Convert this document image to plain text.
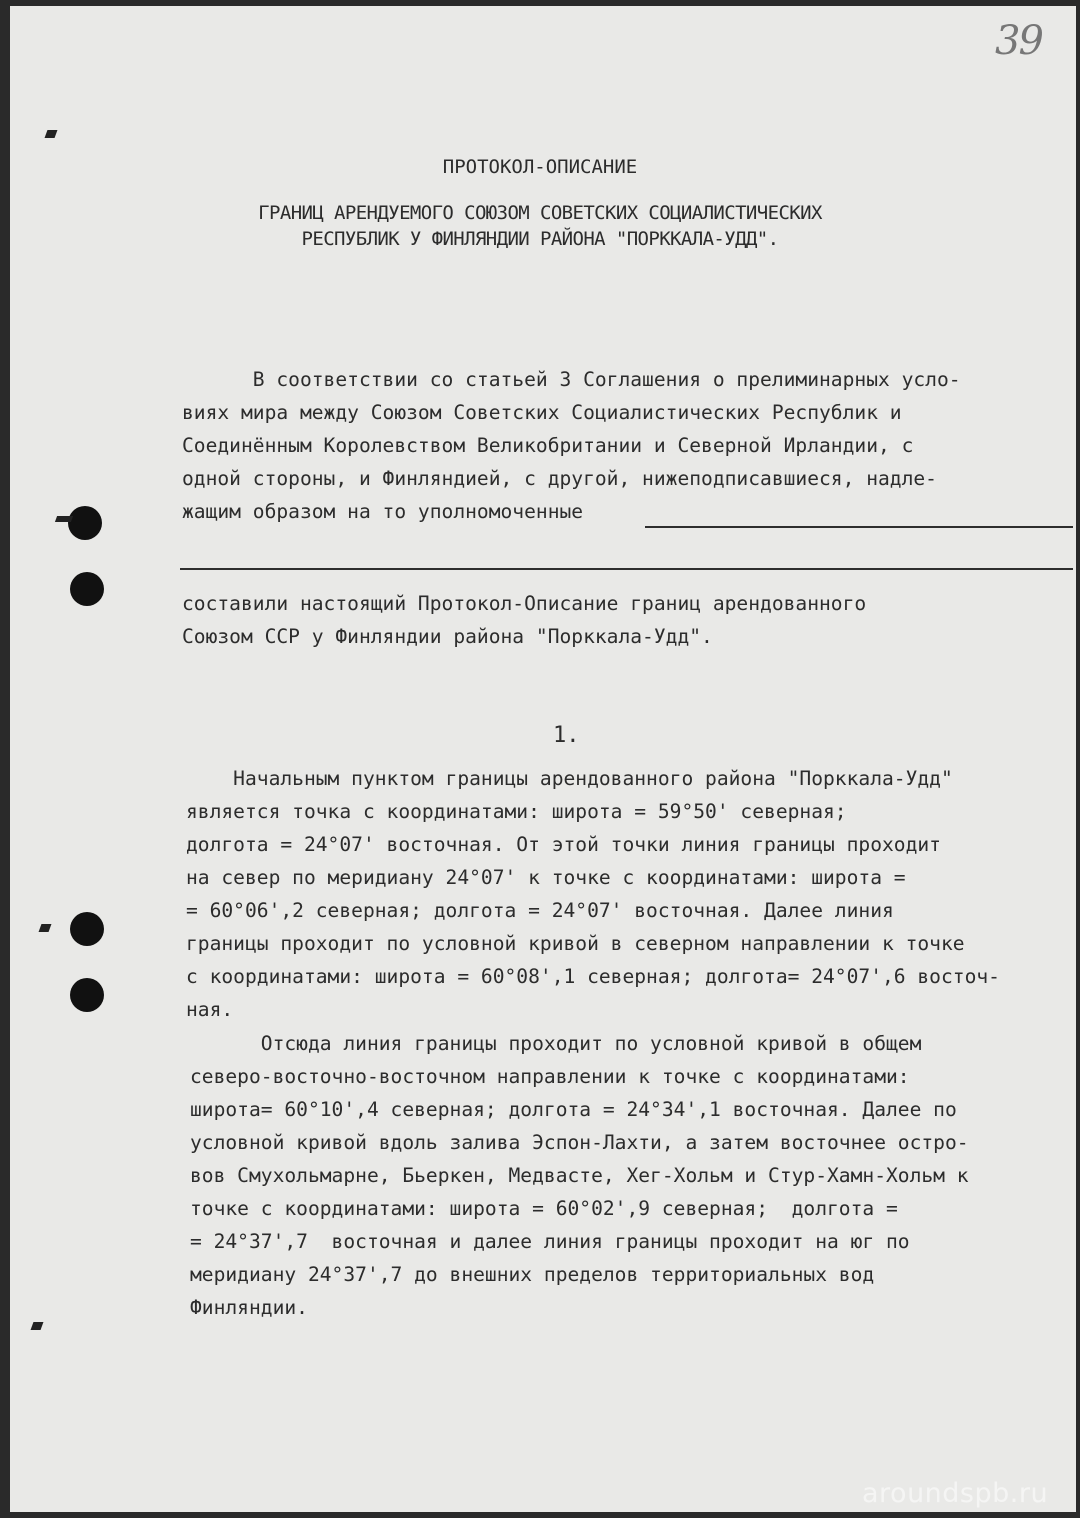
39
ПРОТОКОЛ-ОПИСАНИЕ
ГРАНИЦ АРЕНДУЕМОГО СОЮЗОМ СОВЕТСКИХ СОЦИАЛИСТИЧЕСКИХ
РЕСПУБЛИК У ФИНЛЯНДИИ РАЙОНА "ПОРККАЛА-УДД".
В соответствии со статьей 3 Соглашения о прелиминарных усло-
виях мира между Союзом Советских Социалистических Республик и
Соединённым Королевством Великобритании и Северной Ирландии, с
одной стороны, и Финляндией, с другой, нижеподписавшиеся, надле-
жащим образом на то уполномоченные
составили настоящий Протокол-Описание границ арендованного
Союзом ССР у Финляндии района "Порккала-Удд".
1.
Начальным пунктом границы арендованного района "Порккала-Удд"
является точка с координатами: широта = 59°50' северная;
долгота = 24°07' восточная. От этой точки линия границы проходит
на север по меридиану 24°07' к точке с координатами: широта =
= 60°06',2 северная; долгота = 24°07' восточная. Далее линия
границы проходит по условной кривой в северном направлении к точке
с координатами: широта = 60°08',1 северная; долгота= 24°07',6 восточ-
ная.
Отсюда линия границы проходит по условной кривой в общем
северо-восточно-восточном направлении к точке с координатами:
широта= 60°10',4 северная; долгота = 24°34',1 восточная. Далее по
условной кривой вдоль залива Эспон-Лахти, а затем восточнее остро-
вов Смухольмарне, Бьеркен, Медвасте, Хег-Хольм и Стур-Хамн-Хольм к
точке с координатами: широта = 60°02',9 северная;  долгота =
= 24°37',7  восточная и далее линия границы проходит на юг по
меридиану 24°37',7 до внешних пределов территориальных вод
Финляндии.
aroundspb.ru
